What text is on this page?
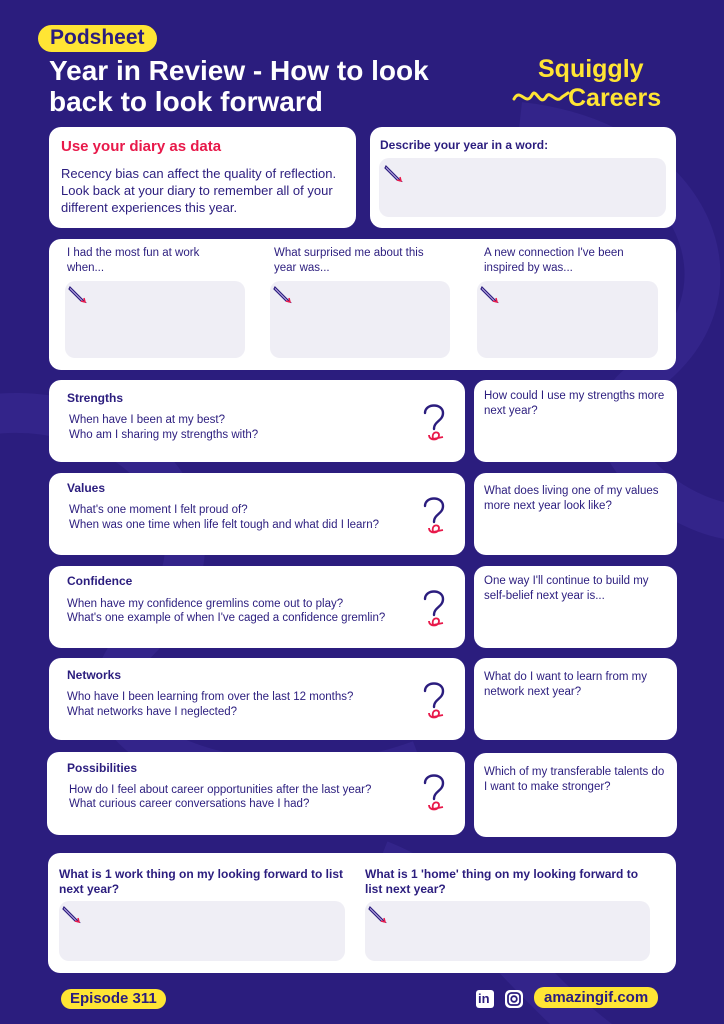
Podsheet
Year in Review - How to look back to look forward
Squiggly
Careers
Use your diary as data
Recency bias can affect the quality of reflection. Look back at your diary to remember all of your different experiences this year.
Describe your year in a word:
I had the most fun at work when...
What surprised me about this year was...
A new connection I've been inspired by was...
Strengths
When have I been at my best?
Who am I sharing my strengths with?
How could I use my strengths more next year?
Values
What's one moment I felt proud of?
When was one time when life felt tough and what did I learn?
What does living one of my values more next year look like?
Confidence
When have my confidence gremlins come out to play?
What's one example of when I've caged a confidence gremlin?
One way I'll continue to build my self-belief next year is...
Networks
Who have I been learning from over the last 12 months?
What networks have I neglected?
What do I want to learn from my network next year?
Possibilities
How do I feel about career opportunities after the last year?
What curious career conversations have I had?
Which of my transferable talents do I want to make stronger?
What is 1 work thing on my looking forward to list next year?
What is 1 'home' thing on my looking forward to list next year?
Episode 311	in	amazingif.com
